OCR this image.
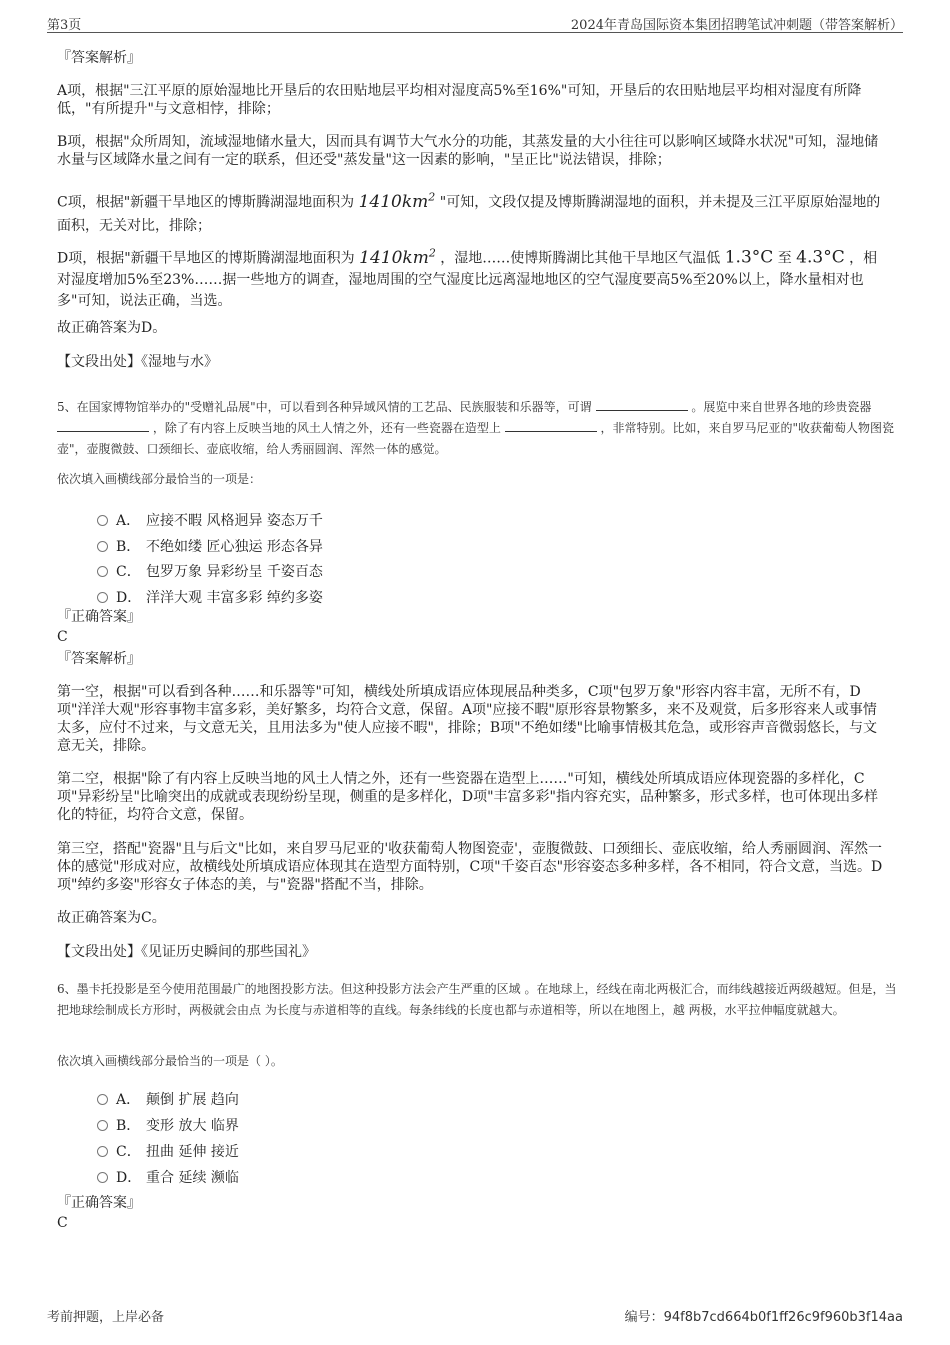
第3页	2024年青岛国际资本集团招聘笔试冲刺题（带答案解析）
『答案解析』
A项，根据"三江平原的原始湿地比开垦后的农田贴地层平均相对湿度高5%至16%"可知，开垦后的农田贴地层平均相对湿度有所降低，"有所提升"与文意相悖，排除；
B项，根据"众所周知，流域湿地储水量大，因而具有调节大气水分的功能，其蒸发量的大小往往可以影响区域降水状况"可知，湿地储水量与区域降水量之间有一定的联系，但还受"蒸发量"这一因素的影响，"呈正比"说法错误，排除；
C项，根据"新疆干旱地区的博斯腾湖湿地面积为 $1410km^2$ "可知，文段仅提及博斯腾湖湿地的面积，并未提及三江平原原始湿地的面积，无关对比，排除；
D项，根据"新疆干旱地区的博斯腾湖湿地面积为 $1410km^2$ ，湿地……使博斯腾湖比其他干旱地区气温低 1.3°C 至 4.3°C ，相对湿度增加5%至23%……据一些地方的调查，湿地周围的空气湿度比远离湿地地区的空气湿度要高5%至20%以上，降水量相对也多"可知，说法正确，当选。
故正确答案为D。
【文段出处】《湿地与水》
5、在国家博物馆举办的"受赠礼品展"中，可以看到各种异域风情的工艺品、民族服装和乐器等，可谓	。展览中来自世界各地的珍贵瓷器  ，除了有内容上反映当地的风土人情之外，还有一些瓷器在造型上	，非常特别。比如，来自罗马尼亚的"收获葡萄人物图瓷壶"，壶腹微鼓、口颈细长、壶底收缩，给人秀丽圆润、浑然一体的感觉。
依次填入画横线部分最恰当的一项是：
A． 应接不暇 风格迥异 姿态万千
B． 不绝如缕 匠心独运 形态各异
C． 包罗万象 异彩纷呈 千姿百态
D． 洋洋大观 丰富多彩 绰约多姿
『正确答案』
C
『答案解析』
第一空，根据"可以看到各种……和乐器等"可知，横线处所填成语应体现展品种类多，C项"包罗万象"形容内容丰富，无所不有，D项"洋洋大观"形容事物丰富多彩，美好繁多，均符合文意，保留。A项"应接不暇"原形容景物繁多，来不及观赏，后多形容来人或事情太多，应付不过来，与文意无关，且用法多为"使人应接不暇"，排除；B项"不绝如缕"比喻事情极其危急，或形容声音微弱悠长，与文意无关，排除。
第二空，根据"除了有内容上反映当地的风土人情之外，还有一些瓷器在造型上……"可知，横线处所填成语应体现瓷器的多样化，C项"异彩纷呈"比喻突出的成就或表现纷纷呈现，侧重的是多样化，D项"丰富多彩"指内容充实，品种繁多，形式多样，也可体现出多样化的特征，均符合文意，保留。
第三空，搭配"瓷器"且与后文"比如，来自罗马尼亚的'收获葡萄人物图瓷壶'，壶腹微鼓、口颈细长、壶底收缩，给人秀丽圆润、浑然一体的感觉"形成对应，故横线处所填成语应体现其在造型方面特别，C项"千姿百态"形容姿态多种多样，各不相同，符合文意，当选。D项"绰约多姿"形容女子体态的美，与"瓷器"搭配不当，排除。
故正确答案为C。
【文段出处】《见证历史瞬间的那些国礼》
6、墨卡托投影是至今使用范围最广的地图投影方法。但这种投影方法会产生严重的区域 。在地球上，经线在南北两极汇合，而纬线越接近两级越短。但是，当把地球绘制成长方形时，两极就会由点 为长度与赤道相等的直线。每条纬线的长度也都与赤道相等，所以在地图上，越 两极，水平拉伸幅度就越大。
依次填入画横线部分最恰当的一项是（ ）。
A． 颠倒 扩展 趋向
B． 变形 放大 临界
C． 扭曲 延伸 接近
D． 重合 延续 濒临
『正确答案』
C
考前押题，上岸必备	编号：94f8b7cd664b0f1ff26c9f960b3f14aa
